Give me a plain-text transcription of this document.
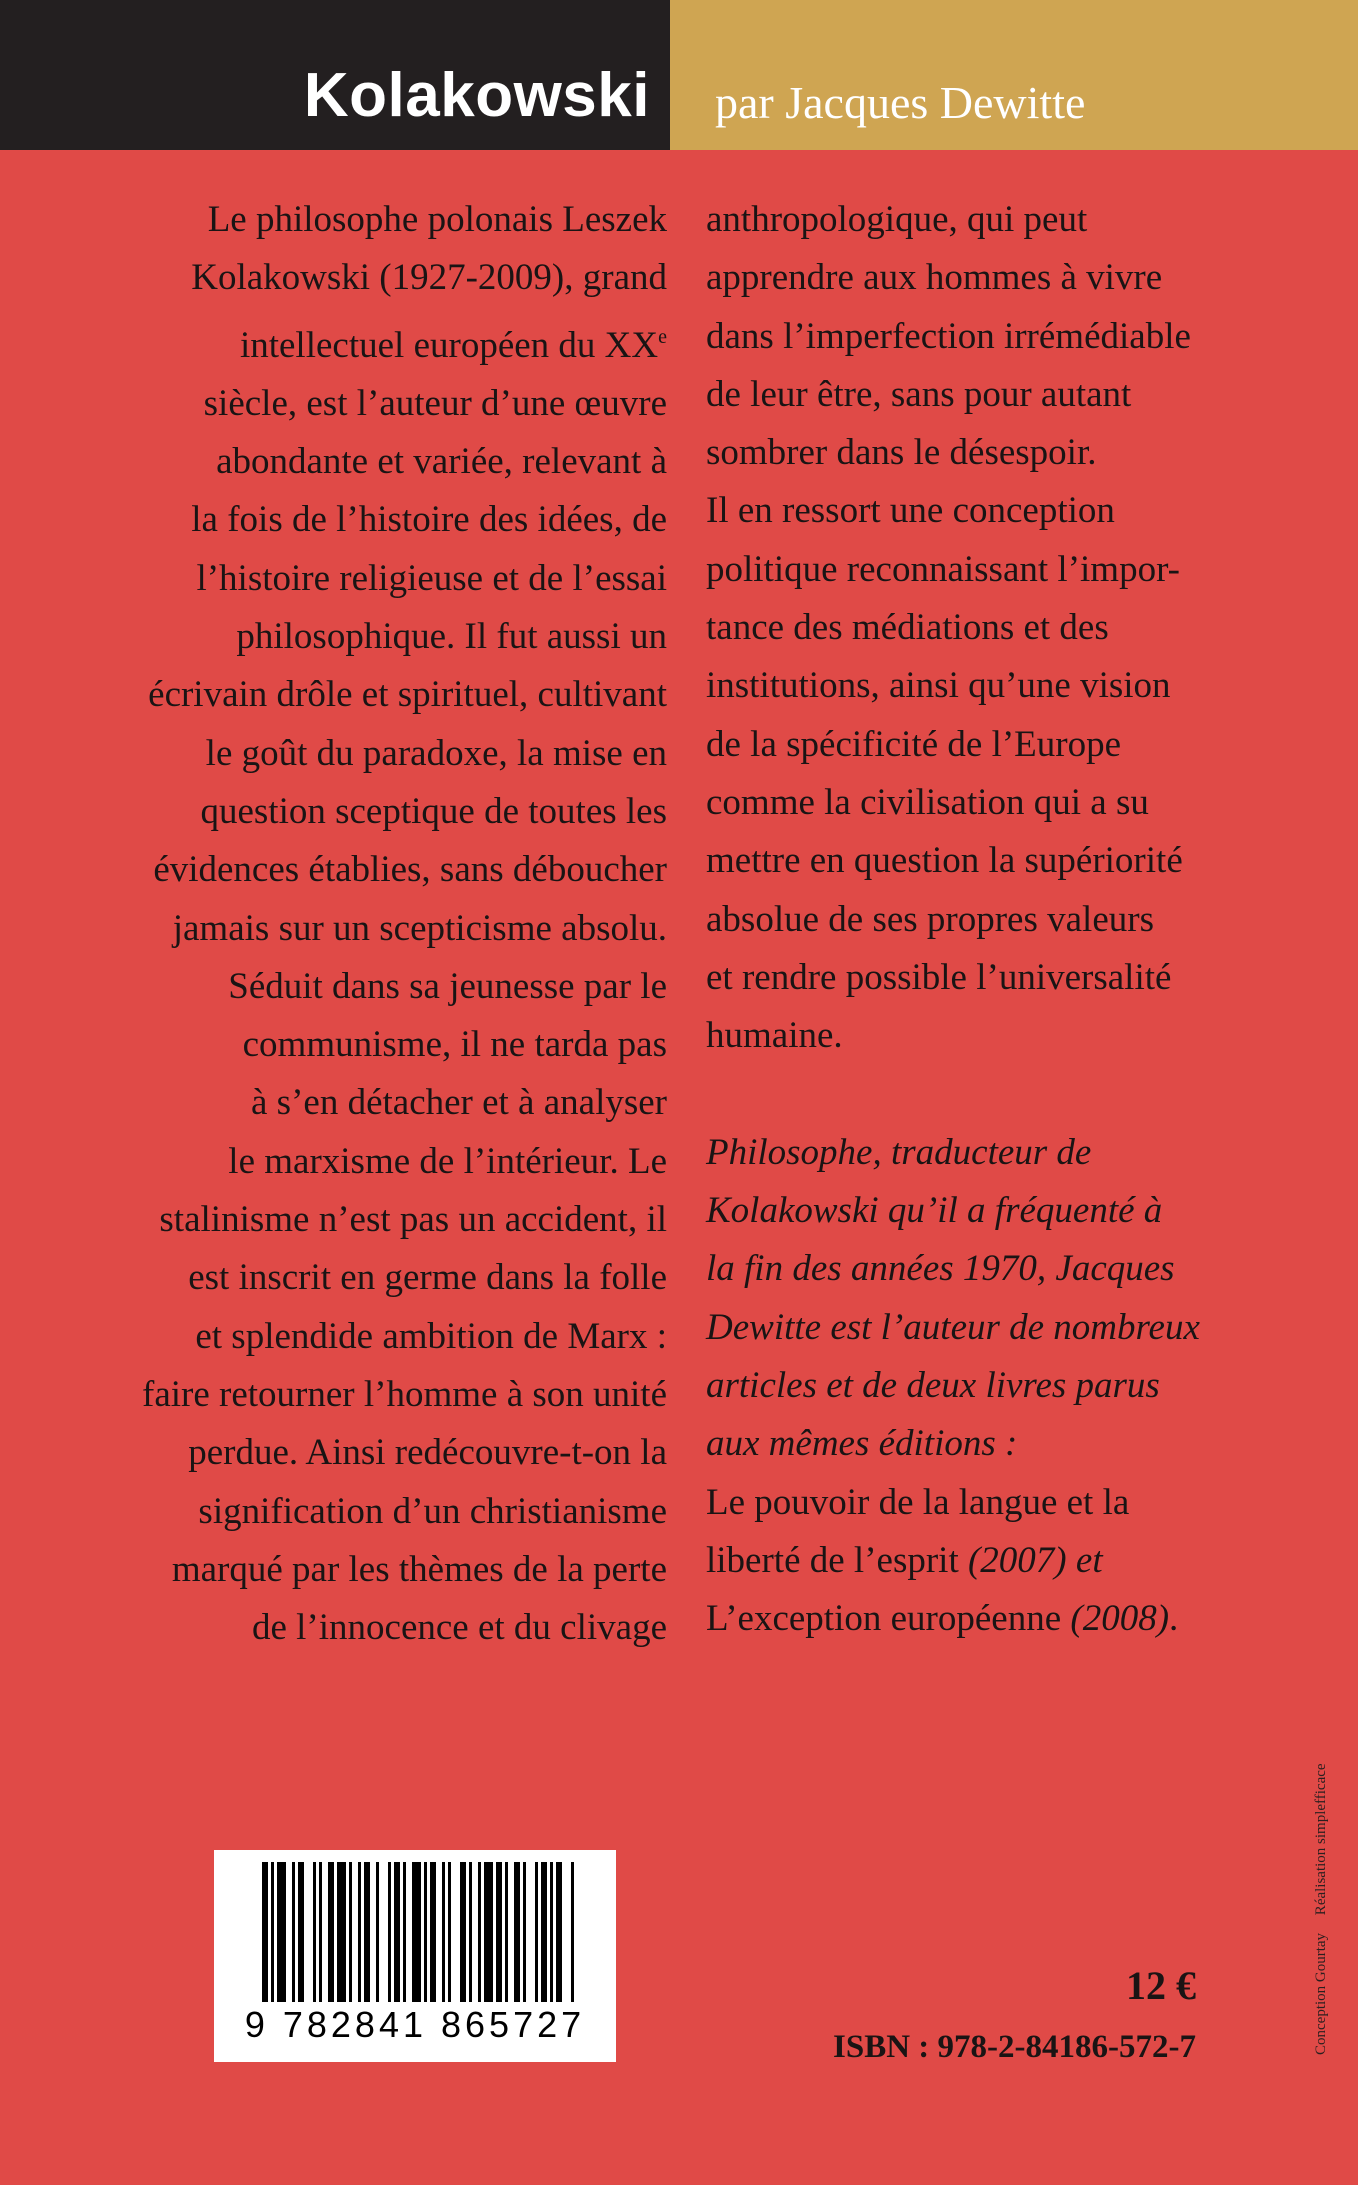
Kolakowski	par Jacques Dewitte
Le philosophe polonais Leszek
Kolakowski (1927-2009), grand
intellectuel européen du XXe
siècle, est l’auteur d’une œuvre
abondante et variée, relevant à
la fois de l’histoire des idées, de
l’histoire religieuse et de l’essai
philosophique. Il fut aussi un
écrivain drôle et spirituel, cultivant
le goût du paradoxe, la mise en
question sceptique de toutes les
évidences établies, sans déboucher
jamais sur un scepticisme absolu.
Séduit dans sa jeunesse par le
communisme, il ne tarda pas
à s’en détacher et à analyser
le marxisme de l’intérieur. Le
stalinisme n’est pas un accident, il
est inscrit en germe dans la folle
et splendide ambition de Marx :
faire retourner l’homme à son unité
perdue. Ainsi redécouvre-t-on la
signification d’un christianisme
marqué par les thèmes de la perte
de l’innocence et du clivage
anthropologique, qui peut
apprendre aux hommes à vivre
dans l’imperfection irrémédiable
de leur être, sans pour autant
sombrer dans le désespoir.
Il en ressort une conception
politique reconnaissant l’impor-
tance des médiations et des
institutions, ainsi qu’une vision
de la spécificité de l’Europe
comme la civilisation qui a su
mettre en question la supériorité
absolue de ses propres valeurs
et rendre possible l’universalité
humaine.
Philosophe, traducteur de
Kolakowski qu’il a fréquenté à
la fin des années 1970, Jacques
Dewitte est l’auteur de nombreux
articles et de deux livres parus
aux mêmes éditions :
Le pouvoir de la langue et la
liberté de l’esprit (2007) et
L’exception européenne (2008).
Conception Gourtay Réalisation simplefficace
9 782841 865727
12 €
ISBN : 978-2-84186-572-7
